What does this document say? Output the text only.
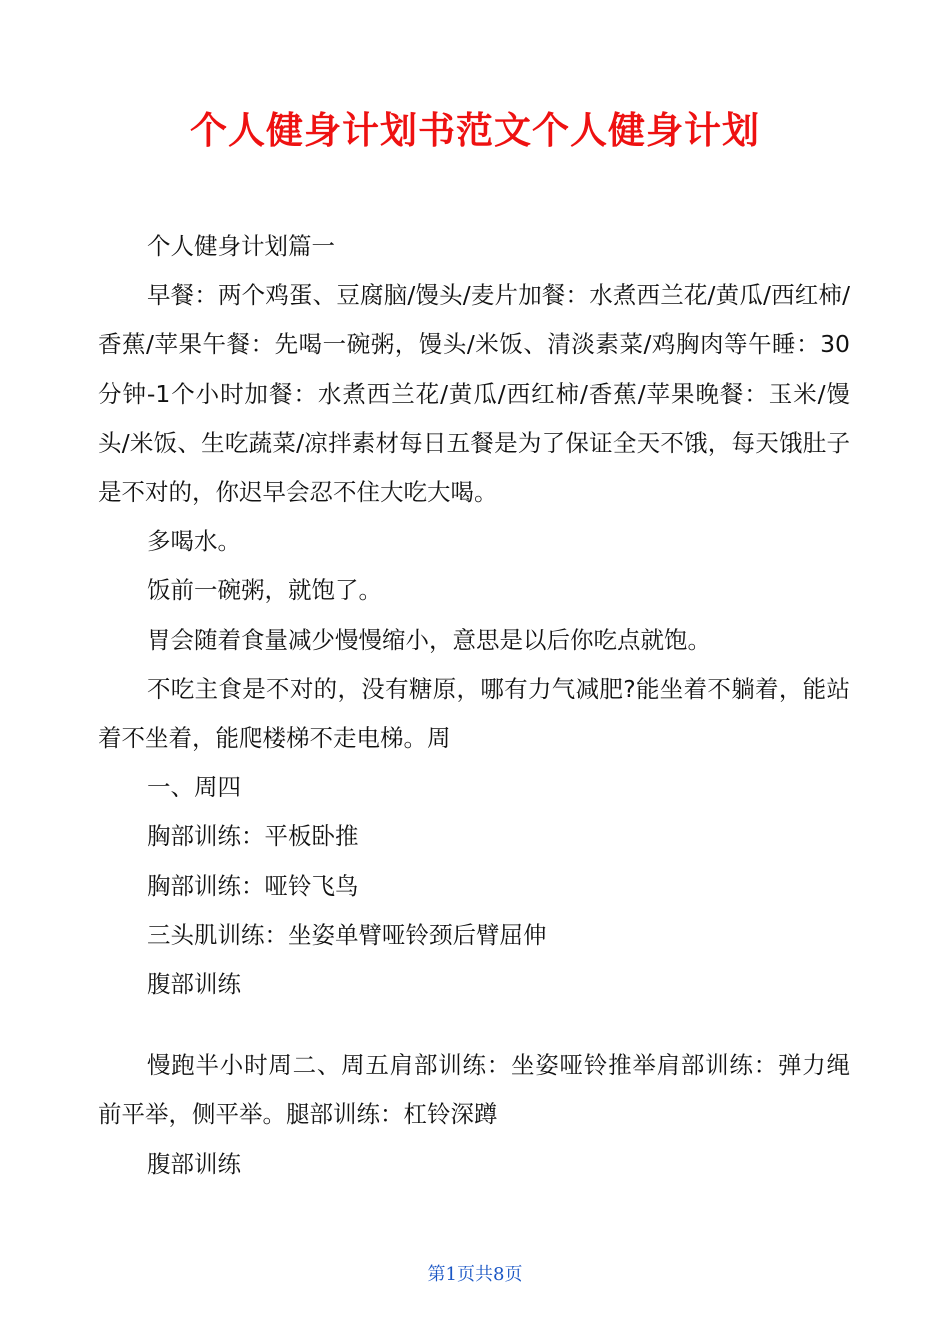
个人健身计划书范文个人健身计划

个人健身计划篇一

早餐：两个鸡蛋、豆腐脑/馒头/麦片加餐：水煮西兰花/黄瓜/西红柿/香蕉/苹果午餐：先喝一碗粥，馒头/米饭、清淡素菜/鸡胸肉等午睡：30分钟-1个小时加餐：水煮西兰花/黄瓜/西红柿/香蕉/苹果晚餐：玉米/馒头/米饭、生吃蔬菜/凉拌素材每日五餐是为了保证全天不饿，每天饿肚子是不对的，你迟早会忍不住大吃大喝。

多喝水。

饭前一碗粥，就饱了。

胃会随着食量减少慢慢缩小，意思是以后你吃点就饱。

不吃主食是不对的，没有糖原，哪有力气减肥?能坐着不躺着，能站着不坐着，能爬楼梯不走电梯。周

一、周四

胸部训练：平板卧推

胸部训练：哑铃飞鸟

三头肌训练：坐姿单臂哑铃颈后臂屈伸

腹部训练

慢跑半小时周二、周五肩部训练：坐姿哑铃推举肩部训练：弹力绳前平举，侧平举。腿部训练：杠铃深蹲

腹部训练

第1页共8页
